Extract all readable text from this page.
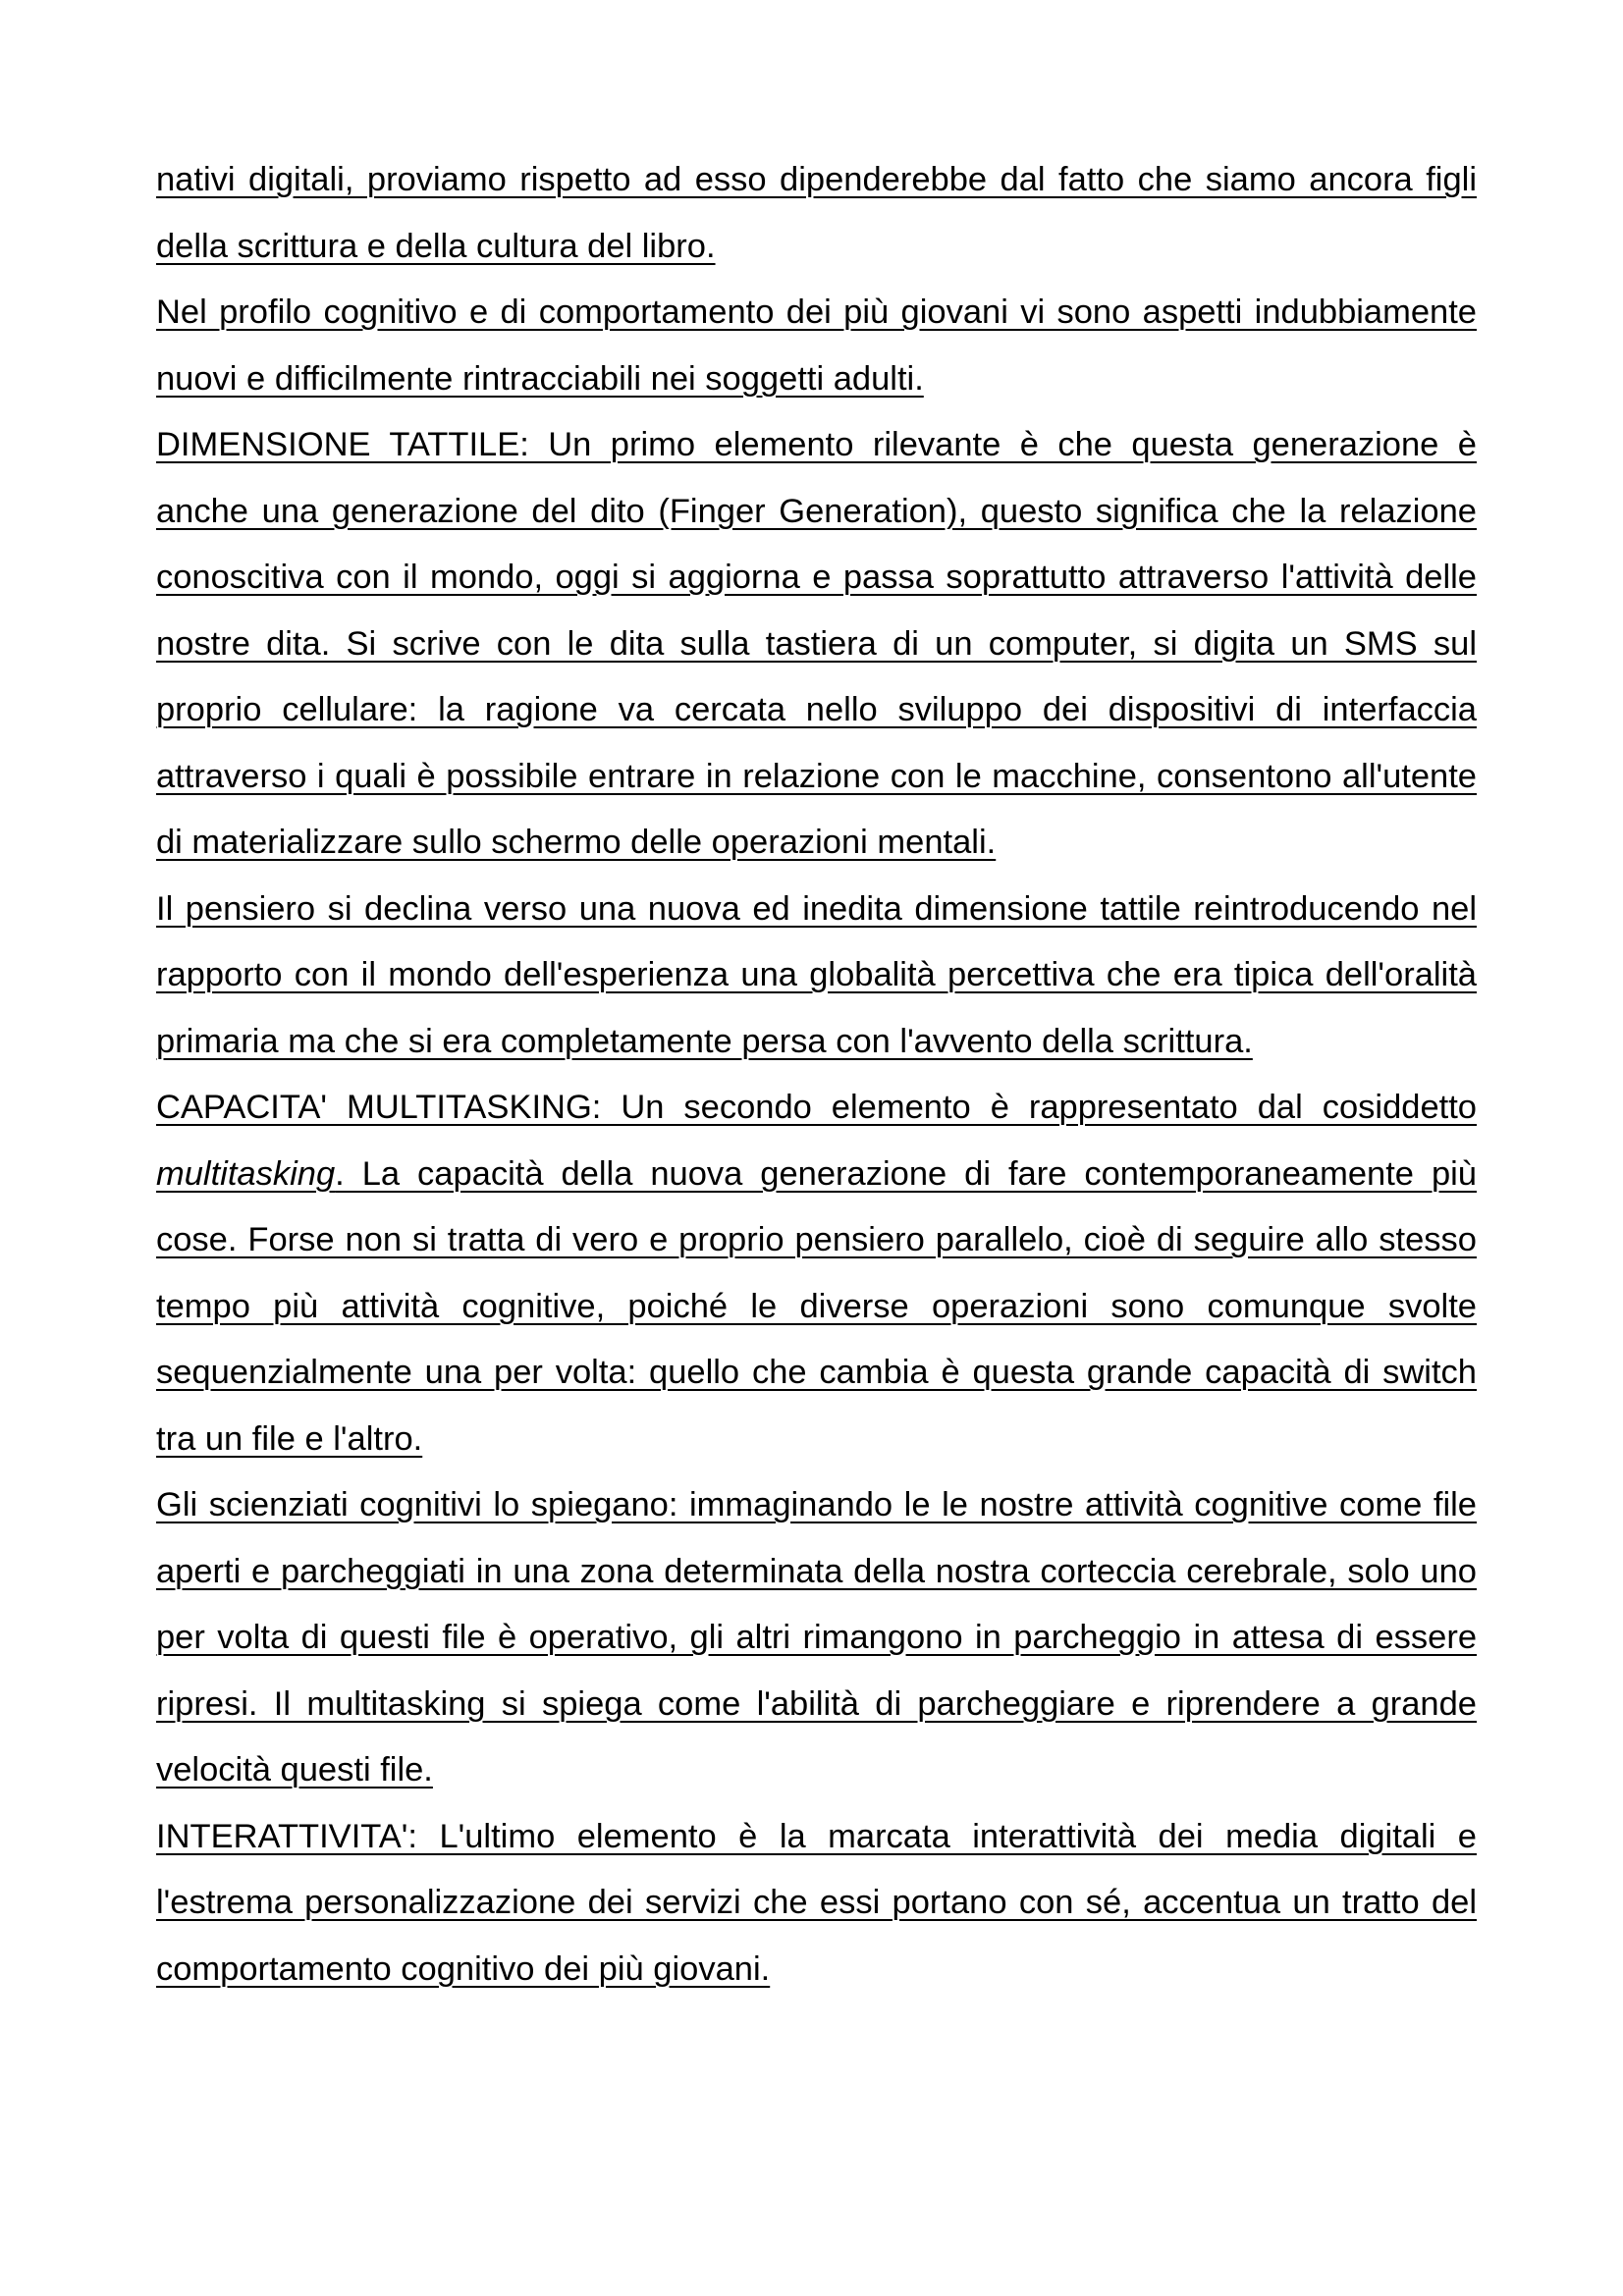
nativi digitali, proviamo rispetto ad esso dipenderebbe dal fatto che siamo ancora figli della scrittura e della cultura del libro.

Nel profilo cognitivo e di comportamento dei più giovani vi sono aspetti indubbiamente nuovi e difficilmente rintracciabili nei soggetti adulti.

DIMENSIONE TATTILE: Un primo elemento rilevante è che questa generazione è anche una generazione del dito (Finger Generation), questo significa che la relazione conoscitiva con il mondo, oggi si aggiorna e passa soprattutto attraverso l'attività delle nostre dita. Si scrive con le dita sulla tastiera di un computer, si digita un SMS sul proprio cellulare: la ragione va cercata nello sviluppo dei dispositivi di interfaccia attraverso i quali è possibile entrare in relazione con le macchine, consentono all'utente di materializzare sullo schermo delle operazioni mentali.

Il pensiero si declina verso una nuova ed inedita dimensione tattile reintroducendo nel rapporto con il mondo dell'esperienza una globalità percettiva che era tipica dell'oralità primaria ma che si era completamente persa con l'avvento della scrittura.

CAPACITA' MULTITASKING: Un secondo elemento è rappresentato dal cosiddetto multitasking. La capacità della nuova generazione di fare contemporaneamente più cose. Forse non si tratta di vero e proprio pensiero parallelo, cioè di seguire allo stesso tempo più attività cognitive, poiché le diverse operazioni sono comunque svolte sequenzialmente una per volta: quello che cambia è questa grande capacità di switch tra un file e l'altro.

Gli scienziati cognitivi lo spiegano: immaginando le le nostre attività cognitive come file aperti e parcheggiati in una zona determinata della nostra corteccia cerebrale, solo uno per volta di questi file è operativo, gli altri rimangono in parcheggio in attesa di essere ripresi. Il multitasking si spiega come l'abilità di parcheggiare e riprendere a grande velocità questi file.

INTERATTIVITA': L'ultimo elemento è la marcata interattività dei media digitali e l'estrema personalizzazione dei servizi che essi portano con sé, accentua un tratto del comportamento cognitivo dei più giovani.
